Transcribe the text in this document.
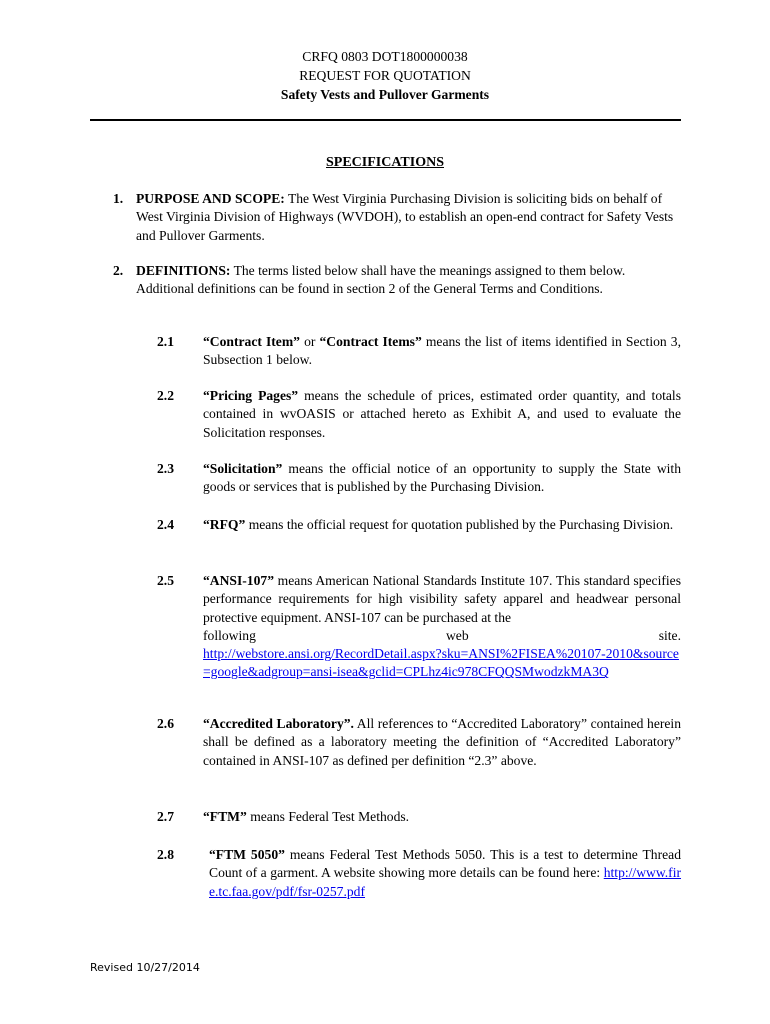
CRFQ 0803 DOT1800000038
REQUEST FOR QUOTATION
Safety Vests and Pullover Garments
SPECIFICATIONS
1. PURPOSE AND SCOPE: The West Virginia Purchasing Division is soliciting bids on behalf of West Virginia Division of Highways (WVDOH), to establish an open-end contract for Safety Vests and Pullover Garments.
2. DEFINITIONS: The terms listed below shall have the meanings assigned to them below. Additional definitions can be found in section 2 of the General Terms and Conditions.
2.1 “Contract Item” or “Contract Items” means the list of items identified in Section 3, Subsection 1 below.
2.2 “Pricing Pages” means the schedule of prices, estimated order quantity, and totals contained in wvOASIS or attached hereto as Exhibit A, and used to evaluate the Solicitation responses.
2.3 “Solicitation” means the official notice of an opportunity to supply the State with goods or services that is published by the Purchasing Division.
2.4 “RFQ” means the official request for quotation published by the Purchasing Division.
2.5 “ANSI-107” means American National Standards Institute 107. This standard specifies performance requirements for high visibility safety apparel and headwear personal protective equipment. ANSI-107 can be purchased at the
following	web	site.
http://webstore.ansi.org/RecordDetail.aspx?sku=ANSI%2FISEA%20107-2010&source=google&adgroup=ansi-isea&gclid=CPLhz4ic978CFQQSMwodzkMA3Q
2.6 “Accredited Laboratory”. All references to “Accredited Laboratory” contained herein shall be defined as a laboratory meeting the definition of “Accredited Laboratory” contained in ANSI-107 as defined per definition “2.3” above.
2.7 “FTM” means Federal Test Methods.
2.8	“FTM 5050” means Federal Test Methods 5050. This is a test to determine Thread Count of a garment. A website showing more details can be found here: http://www.fire.tc.faa.gov/pdf/fsr-0257.pdf
Revised 10/27/2014
